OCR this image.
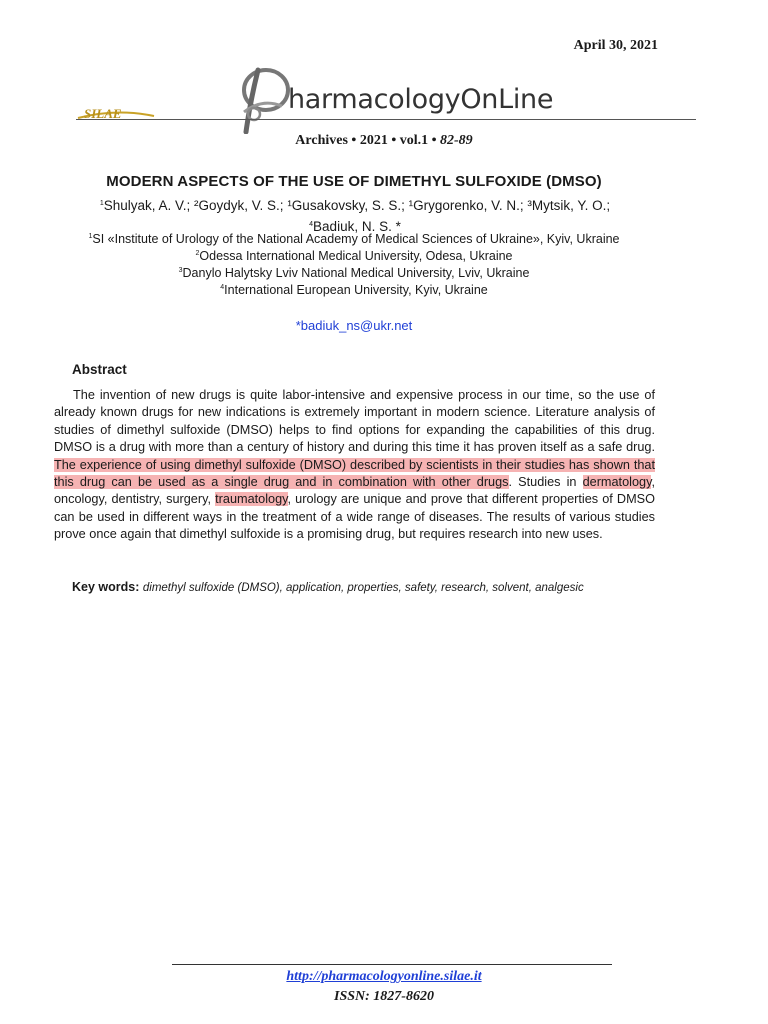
April 30, 2021
SILAE	harmacologyOnLine
Archives • 2021 • vol.1 • 82-89
MODERN ASPECTS OF THE USE OF DIMETHYL SULFOXIDE (DMSO)
$^1$Shulyak, A. V.; ²Goydyk, V. S.; ¹Gusakovsky, S. S.; ¹Grygorenko, V. N.; ³Mytsik, Y. O.;
$^4$Badiuk, N. S. *
$^1$SI «Institute of Urology of the National Academy of Medical Sciences of Ukraine», Kyiv, Ukraine
$^2$Odessa International Medical University, Odesa, Ukraine
$^3$Danylo Halytsky Lviv National Medical University, Lviv, Ukraine
$^4$International European University, Kyiv, Ukraine
*badiuk_ns@ukr.net
Abstract
  The invention of new drugs is quite labor-intensive and expensive process in our time, so the use of already known drugs for new indications is extremely important in modern science. Literature analysis of studies of dimethyl sulfoxide (DMSO) helps to find options for expanding the capabilities of this drug. DMSO is a drug with more than a century of history and during this time it has proven itself as a safe drug. The experience of using dimethyl sulfoxide (DMSO) described by scientists in their studies has shown that this drug can be used as a single drug and in combination with other drugs. Studies in dermatology, oncology, dentistry, surgery, traumatology, urology are unique and prove that different properties of DMSO can be used in different ways in the treatment of a wide range of diseases. The results of various studies prove once again that dimethyl sulfoxide is a promising drug, but requires research into new uses.
Key words: dimethyl sulfoxide (DMSO), application, properties, safety, research, solvent, analgesic
http://pharmacologyonline.silae.it
ISSN: 1827-8620
